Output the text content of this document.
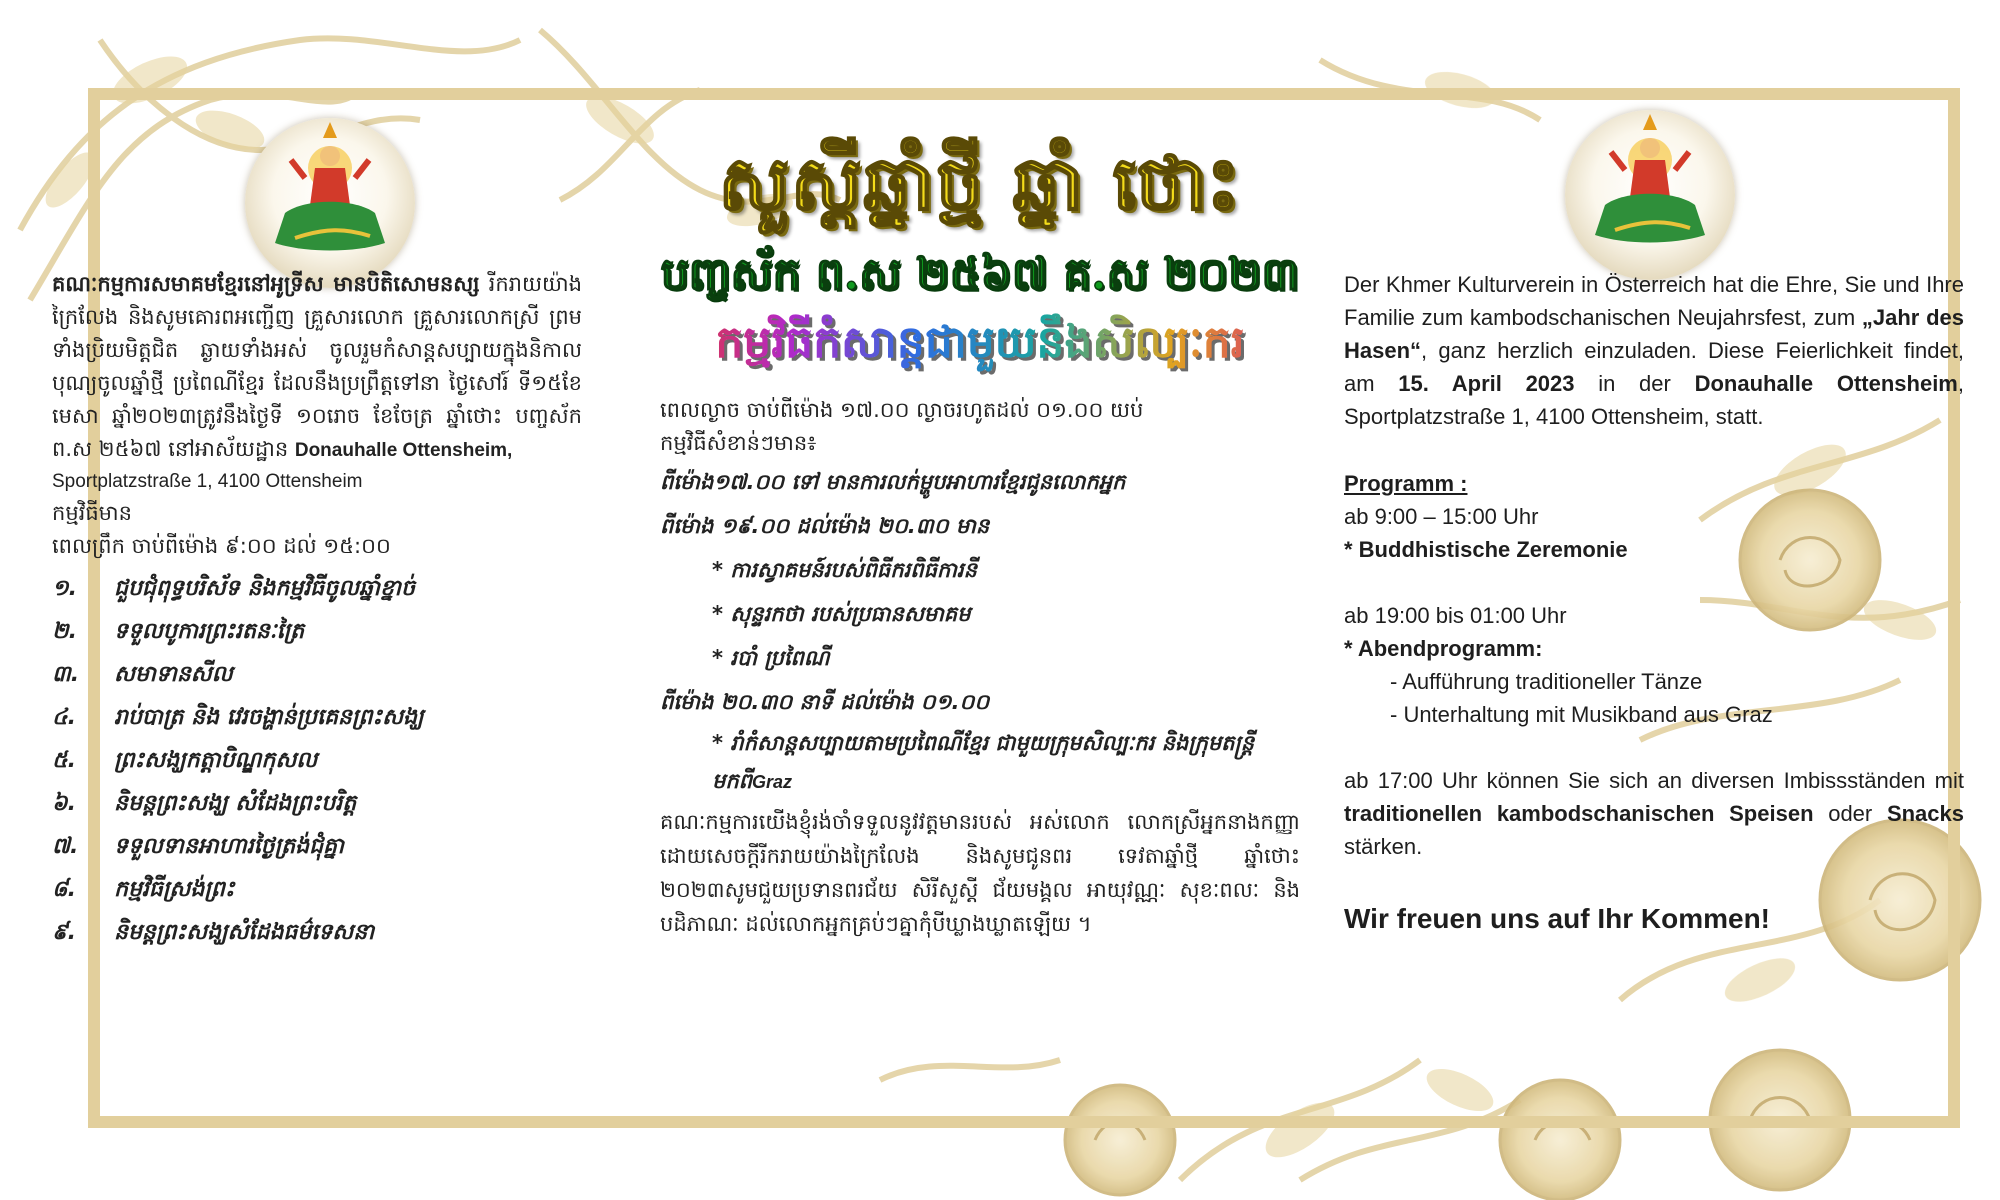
គណៈកម្មការសមាគមខ្មែរនៅអូទ្រីស មានបិតិសោមនស្ស រីករាយយ៉ាង ក្រៃលែង និងសូមគោរពអញ្ជើញ គ្រួសារលោក គ្រួសារលោកស្រី ព្រម ទាំងប្រិយមិត្តជិត ឆ្ងាយទាំងអស់ ចូលរួមកំសាន្តសប្បាយក្នុងនិកាល បុណ្យចូលឆ្នាំថ្មី ប្រពៃណីខ្មែរ ដែលនឹងប្រព្រឹត្តទៅនា ថ្ងៃសៅរ៍ ទី១៥ខែមេសា ឆ្នាំ២០២៣ត្រូវនឹងថ្ងៃទី ១០រោច ខែចែត្រ ឆ្នាំថោះ បញ្ចស័ក ព.ស ២៥៦៧ នៅអាស័យដ្ឋាន Donauhalle Ottensheim,
Sportplatzstraße 1, 4100 Ottensheim
កម្មវិធីមាន
ពេលព្រឹក ចាប់ពីម៉ោង ៩:០០ ដល់ ១៥:០០
១.	ជួបជុំពុទ្ធបរិស័ទ និងកម្មវិធីចូលឆ្នាំខ្នាច់
២.	ទទួលបូការព្រះរតនៈត្រៃ
៣.	សមាទានសីល
៤.	រាប់បាត្រ និង វេរចង្ហាន់ប្រគេនព្រះសង្ឃ
៥.	ព្រះសង្ឃកត្តាបិណ្ឌកុសល
៦.	និមន្តព្រះសង្ឃ សំដែងព្រះបរិត្ត
៧.	ទទួលទានអាហារថ្ងៃត្រង់ជុំគ្នា
៨.	កម្មវិធីស្រង់ព្រះ
៩.	និមន្តព្រះសង្ឃសំដែងធម៌ទេសនា
សួស្តីឆ្នាំថ្មី ឆ្នាំ ថោះ
បញ្ចស័ក ព.ស ២៥៦៧ គ.ស ២០២៣
កម្មវិធីកំសាន្តជាមួយនឹងសិល្បៈករ
ពេលល្ងាច ចាប់ពីម៉ោង ១៧.០០ ល្ងាចរហូតដល់ ០១.០០ យប់
កម្មវិធីសំខាន់ៗមាន៖
ពីម៉ោង១៧.០០ ទៅ មានការលក់ម្ហូបអាហារខ្មែរជូនលោកអ្នក
ពីម៉ោង ១៩.០០ ដល់ម៉ោង ២០.៣០ មាន
* ការស្វាគមន៍របស់ពិធីករពិធីការនី
* សុន្ទរកថា របស់ប្រធានសមាគម
* របាំ ប្រពៃណី
ពីម៉ោង ២០.៣០ នាទី ដល់ម៉ោង ០១.០០
* រាំកំសាន្តសប្បាយតាមប្រពៃណីខ្មែរ ជាមួយក្រុមសិល្បៈករ និងក្រុមតន្រ្តីមកពីGraz
គណៈកម្មការយើងខ្ញុំរង់ចាំទទួលនូវវត្តមានរបស់ អស់លោក លោកស្រីអ្នកនាងកញ្ញា ដោយសេចក្តីរីករាយយ៉ាងក្រៃលែង និងសូមជូនពរ ទេវតាឆ្នាំថ្មី ឆ្នាំថោះ ២០២៣សូមជួយប្រទានពរជ័យ សិរីសួស្តី ជ័យមង្គល អាយុវណ្ណៈ សុខៈពលៈ និងបដិភាណៈ ដល់លោកអ្នកគ្រប់ៗគ្នាកុំបីឃ្លាងឃ្លាតឡើយ ។
Der Khmer Kulturverein in Österreich hat die Ehre, Sie und Ihre Familie zum kambodschanischen Neujahrsfest, zum „Jahr des Hasen“, ganz herzlich einzuladen. Diese Feierlichkeit findet, am 15. April 2023 in der Donauhalle Ottensheim, Sportplatzstraße 1, 4100 Ottensheim, statt.
Programm :
ab 9:00 – 15:00 Uhr
* Buddhistische Zeremonie
ab 19:00 bis 01:00 Uhr
* Abendprogramm:
- Aufführung traditioneller Tänze
- Unterhaltung mit Musikband aus Graz
ab 17:00 Uhr können Sie sich an diversen Imbissständen mit traditionellen kambodschanischen Speisen oder Snacks stärken.
Wir freuen uns auf Ihr Kommen!
